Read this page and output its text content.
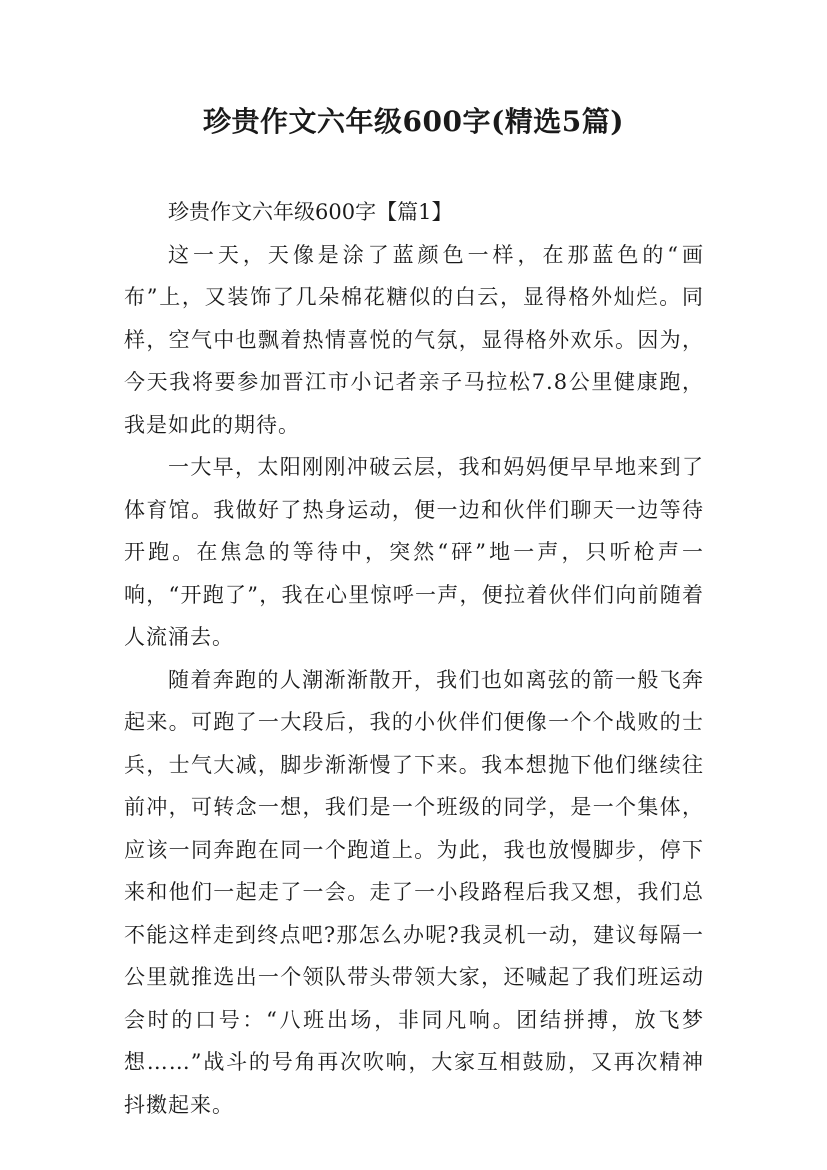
珍贵作文六年级600字(精选5篇)
珍贵作文六年级600字【篇1】

这一天，天像是涂了蓝颜色一样，在那蓝色的“画布”上，又装饰了几朵棉花糖似的白云，显得格外灿烂。同样，空气中也飘着热情喜悦的气氛，显得格外欢乐。因为，今天我将要参加晋江市小记者亲子马拉松7.8公里健康跑，我是如此的期待。

一大早，太阳刚刚冲破云层，我和妈妈便早早地来到了体育馆。我做好了热身运动，便一边和伙伴们聊天一边等待开跑。在焦急的等待中，突然“砰”地一声，只听枪声一响，“开跑了”，我在心里惊呼一声，便拉着伙伴们向前随着人流涌去。

随着奔跑的人潮渐渐散开，我们也如离弦的箭一般飞奔起来。可跑了一大段后，我的小伙伴们便像一个个战败的士兵，士气大减，脚步渐渐慢了下来。我本想抛下他们继续往前冲，可转念一想，我们是一个班级的同学，是一个集体，应该一同奔跑在同一个跑道上。为此，我也放慢脚步，停下来和他们一起走了一会。走了一小段路程后我又想，我们总不能这样走到终点吧?那怎么办呢?我灵机一动，建议每隔一公里就推选出一个领队带头带领大家，还喊起了我们班运动会时的口号：“八班出场，非同凡响。团结拼搏，放飞梦想……”战斗的号角再次吹响，大家互相鼓励，又再次精神抖擞起来。
